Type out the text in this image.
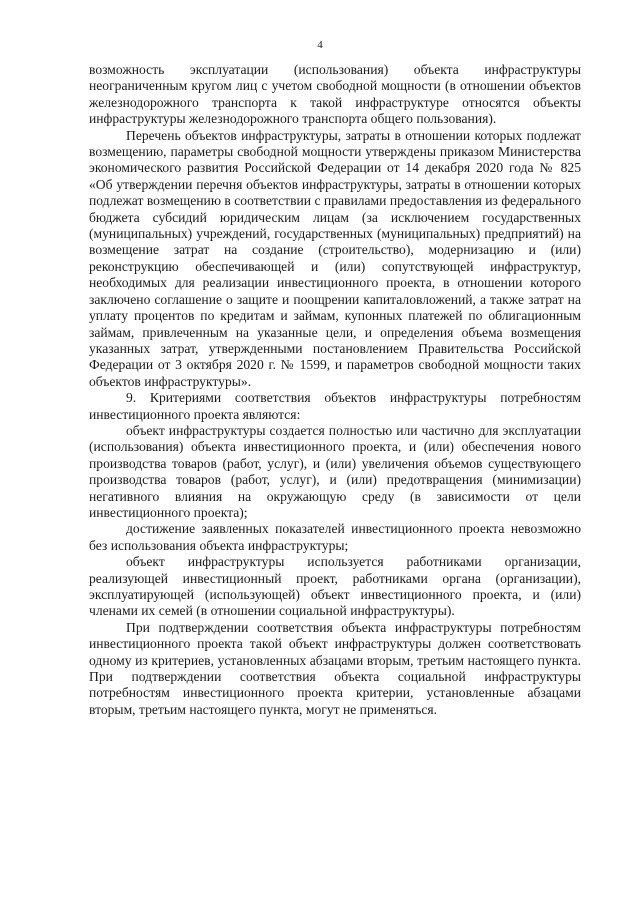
4

возможность эксплуатации (использования) объекта инфраструктуры неограниченным кругом лиц с учетом свободной мощности (в отношении объектов железнодорожного транспорта к такой инфраструктуре относятся объекты инфраструктуры железнодорожного транспорта общего пользования).

Перечень объектов инфраструктуры, затраты в отношении которых подлежат возмещению, параметры свободной мощности утверждены приказом Министерства экономического развития Российской Федерации от 14 декабря 2020 года № 825 «Об утверждении перечня объектов инфраструктуры, затраты в отношении которых подлежат возмещению в соответствии с правилами предоставления из федерального бюджета субсидий юридическим лицам (за исключением государственных (муниципальных) учреждений, государственных (муниципальных) предприятий) на возмещение затрат на создание (строительство), модернизацию и (или) реконструкцию обеспечивающей и (или) сопутствующей инфраструктур, необходимых для реализации инвестиционного проекта, в отношении которого заключено соглашение о защите и поощрении капиталовложений, а также затрат на уплату процентов по кредитам и займам, купонных платежей по облигационным займам, привлеченным на указанные цели, и определения объема возмещения указанных затрат, утвержденными постановлением Правительства Российской Федерации от 3 октября 2020 г. № 1599, и параметров свободной мощности таких объектов инфраструктуры».

9. Критериями соответствия объектов инфраструктуры потребностям инвестиционного проекта являются:

объект инфраструктуры создается полностью или частично для эксплуатации (использования) объекта инвестиционного проекта, и (или) обеспечения нового производства товаров (работ, услуг), и (или) увеличения объемов существующего производства товаров (работ, услуг), и (или) предотвращения (минимизации) негативного влияния на окружающую среду (в зависимости от цели инвестиционного проекта);

достижение заявленных показателей инвестиционного проекта невозможно без использования объекта инфраструктуры;

объект инфраструктуры используется работниками организации, реализующей инвестиционный проект, работниками органа (организации), эксплуатирующей (использующей) объект инвестиционного проекта, и (или) членами их семей (в отношении социальной инфраструктуры).

При подтверждении соответствия объекта инфраструктуры потребностям инвестиционного проекта такой объект инфраструктуры должен соответствовать одному из критериев, установленных абзацами вторым, третьим настоящего пункта. При подтверждении соответствия объекта социальной инфраструктуры потребностям инвестиционного проекта критерии, установленные абзацами вторым, третьим настоящего пункта, могут не применяться.
